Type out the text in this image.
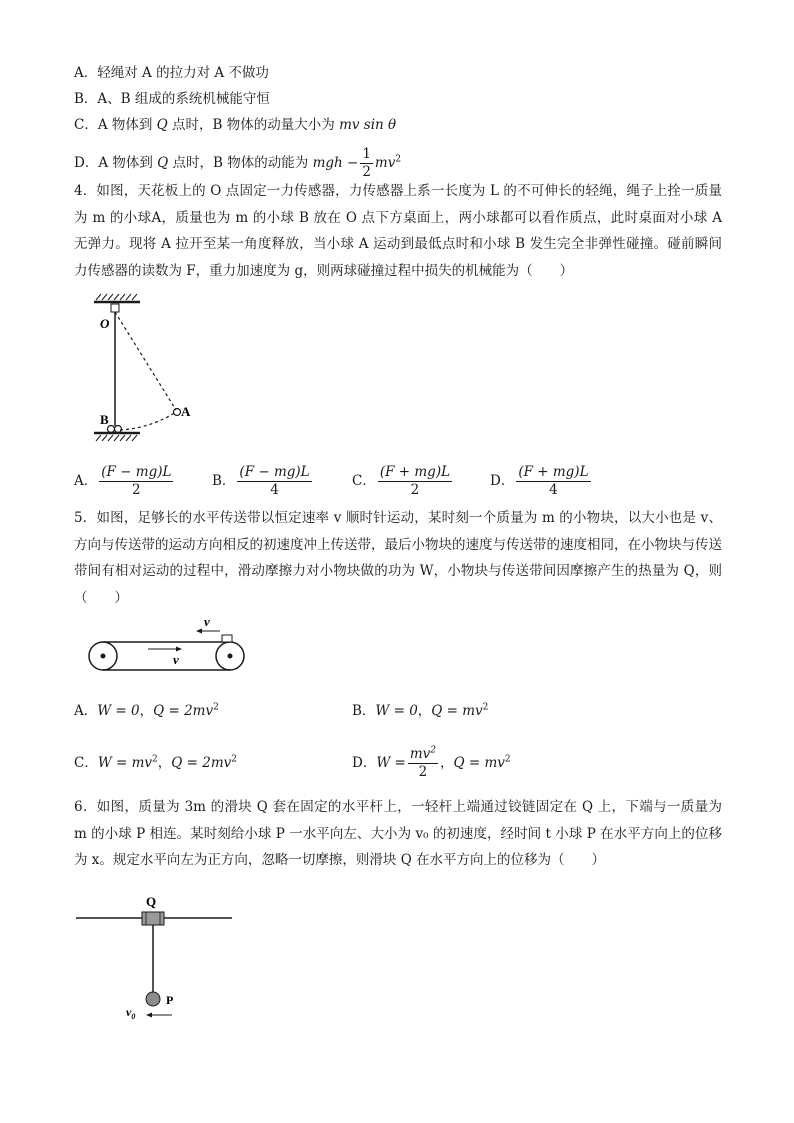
A．轻绳对 A 的拉力对 A 不做功
B．A、B 组成的系统机械能守恒
C．A 物体到 Q 点时，B 物体的动量大小为 mv sin θ
D．A 物体到 Q 点时，B 物体的动能为 mgh − $\frac{1}{2} mv^2$
4．如图，天花板上的 O 点固定一力传感器，力传感器上系一长度为 L 的不可伸长的轻绳，绳子上拴一质量为 m 的小球A，质量也为 m 的小球 B 放在 O 点下方桌面上，两小球都可以看作质点，此时桌面对小球 A 无弹力。现将 A 拉开至某一角度释放，当小球 A 运动到最低点时和小球 B 发生完全非弹性碰撞。碰前瞬间力传感器的读数为 F，重力加速度为 g，则两球碰撞过程中损失的机械能为（　　）
O
A
B
A． $\frac{(F - mg)L}{2}$	B． $\frac{(F - mg)L}{4}$	C． $\frac{(F + mg)L}{2}$	D． $\frac{(F + mg)L}{4}$
5．如图，足够长的水平传送带以恒定速率 v 顺时针运动，某时刻一个质量为 m 的小物块，以大小也是 v、方向与传送带的运动方向相反的初速度冲上传送带，最后小物块的速度与传送带的速度相同，在小物块与传送带间有相对运动的过程中，滑动摩擦力对小物块做的功为 W，小物块与传送带间因摩擦产生的热量为 Q，则（　　）
v
v
A．W = 0，$Q = 2mv^2$	B．W = 0，$Q = mv^2$
C．$W = mv^2$，$Q = 2mv^2$	D．$W = \frac{mv^2}{2}$ ，$Q = mv^2$
6．如图，质量为 3m 的滑块 Q 套在固定的水平杆上，一轻杆上端通过铰链固定在 Q 上，下端与一质量为 m 的小球 P 相连。某时刻给小球 P 一水平向左、大小为 v₀ 的初速度，经时间 t 小球 P 在水平方向上的位移为 x。规定水平向左为正方向，忽略一切摩擦，则滑块 Q 在水平方向上的位移为（　　）
Q
P
$v_0$
